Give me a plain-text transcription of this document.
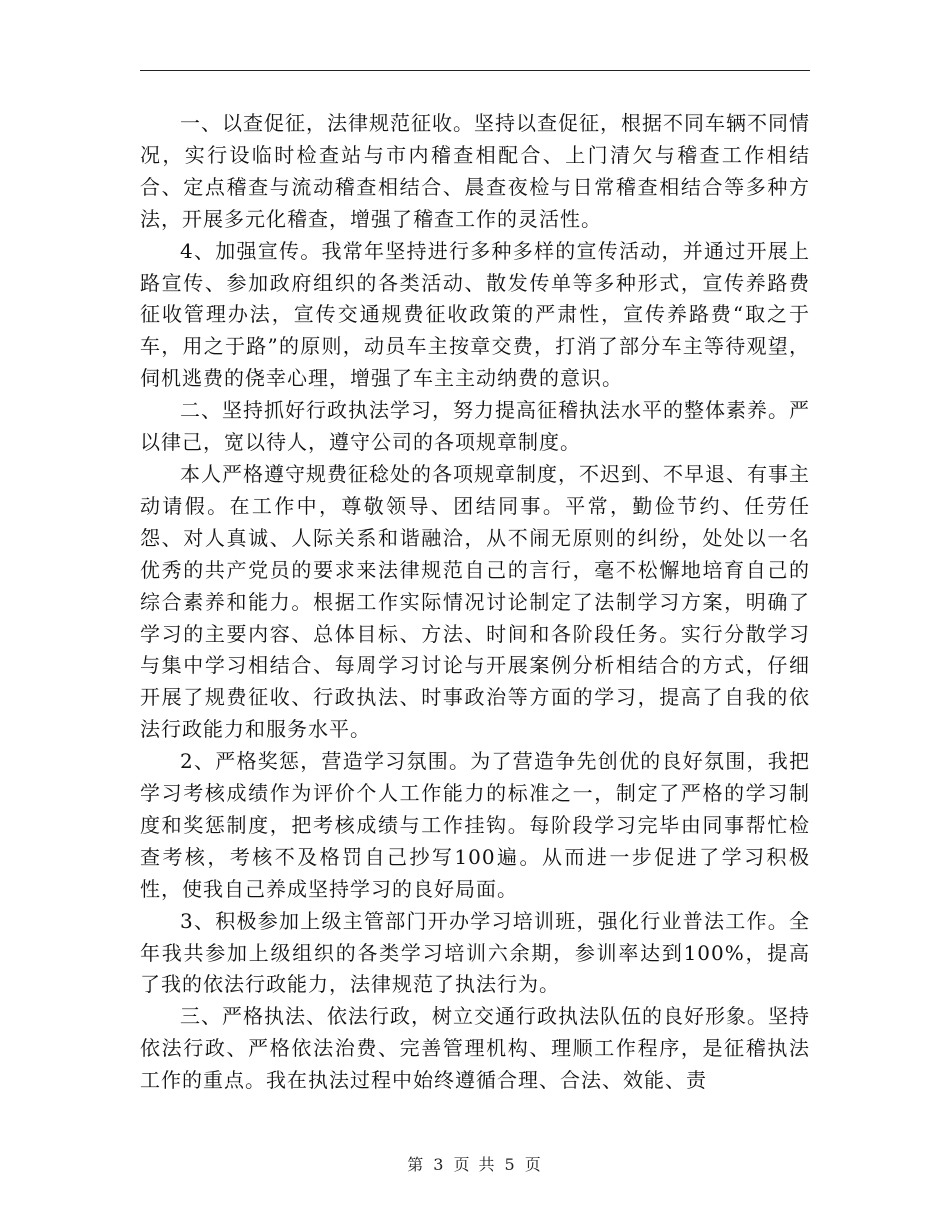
一、以查促征，法律规范征收。坚持以查促征，根据不同车辆不同情况，实行设临时检查站与市内稽查相配合、上门清欠与稽查工作相结合、定点稽查与流动稽查相结合、晨查夜检与日常稽查相结合等多种方法，开展多元化稽查，增强了稽查工作的灵活性。

4、加强宣传。我常年坚持进行多种多样的宣传活动，并通过开展上路宣传、参加政府组织的各类活动、散发传单等多种形式，宣传养路费征收管理办法，宣传交通规费征收政策的严肃性，宣传养路费“取之于车，用之于路”的原则，动员车主按章交费，打消了部分车主等待观望，伺机逃费的侥幸心理，增强了车主主动纳费的意识。

二、坚持抓好行政执法学习，努力提高征稽执法水平的整体素养。严以律己，宽以待人，遵守公司的各项规章制度。

本人严格遵守规费征稔处的各项规章制度，不迟到、不早退、有事主动请假。在工作中，尊敬领导、团结同事。平常，勤俭节约、任劳任怨、对人真诚、人际关系和谐融洽，从不闹无原则的纠纷，处处以一名优秀的共产党员的要求来法律规范自己的言行，毫不松懈地培育自己的综合素养和能力。根据工作实际情况讨论制定了法制学习方案，明确了学习的主要内容、总体目标、方法、时间和各阶段任务。实行分散学习与集中学习相结合、每周学习讨论与开展案例分析相结合的方式，仔细开展了规费征收、行政执法、时事政治等方面的学习，提高了自我的依法行政能力和服务水平。

2、严格奖惩，营造学习氛围。为了营造争先创优的良好氛围，我把学习考核成绩作为评价个人工作能力的标准之一，制定了严格的学习制度和奖惩制度，把考核成绩与工作挂钩。每阶段学习完毕由同事帮忙检查考核，考核不及格罚自己抄写100遍。从而进一步促进了学习积极性，使我自己养成坚持学习的良好局面。

3、积极参加上级主管部门开办学习培训班，强化行业普法工作。全年我共参加上级组织的各类学习培训六余期，参训率达到100%，提高了我的依法行政能力，法律规范了执法行为。

三、严格执法、依法行政，树立交通行政执法队伍的良好形象。坚持依法行政、严格依法治费、完善管理机构、理顺工作程序，是征稽执法工作的重点。我在执法过程中始终遵循合理、合法、效能、责

第 3 页 共 5 页
